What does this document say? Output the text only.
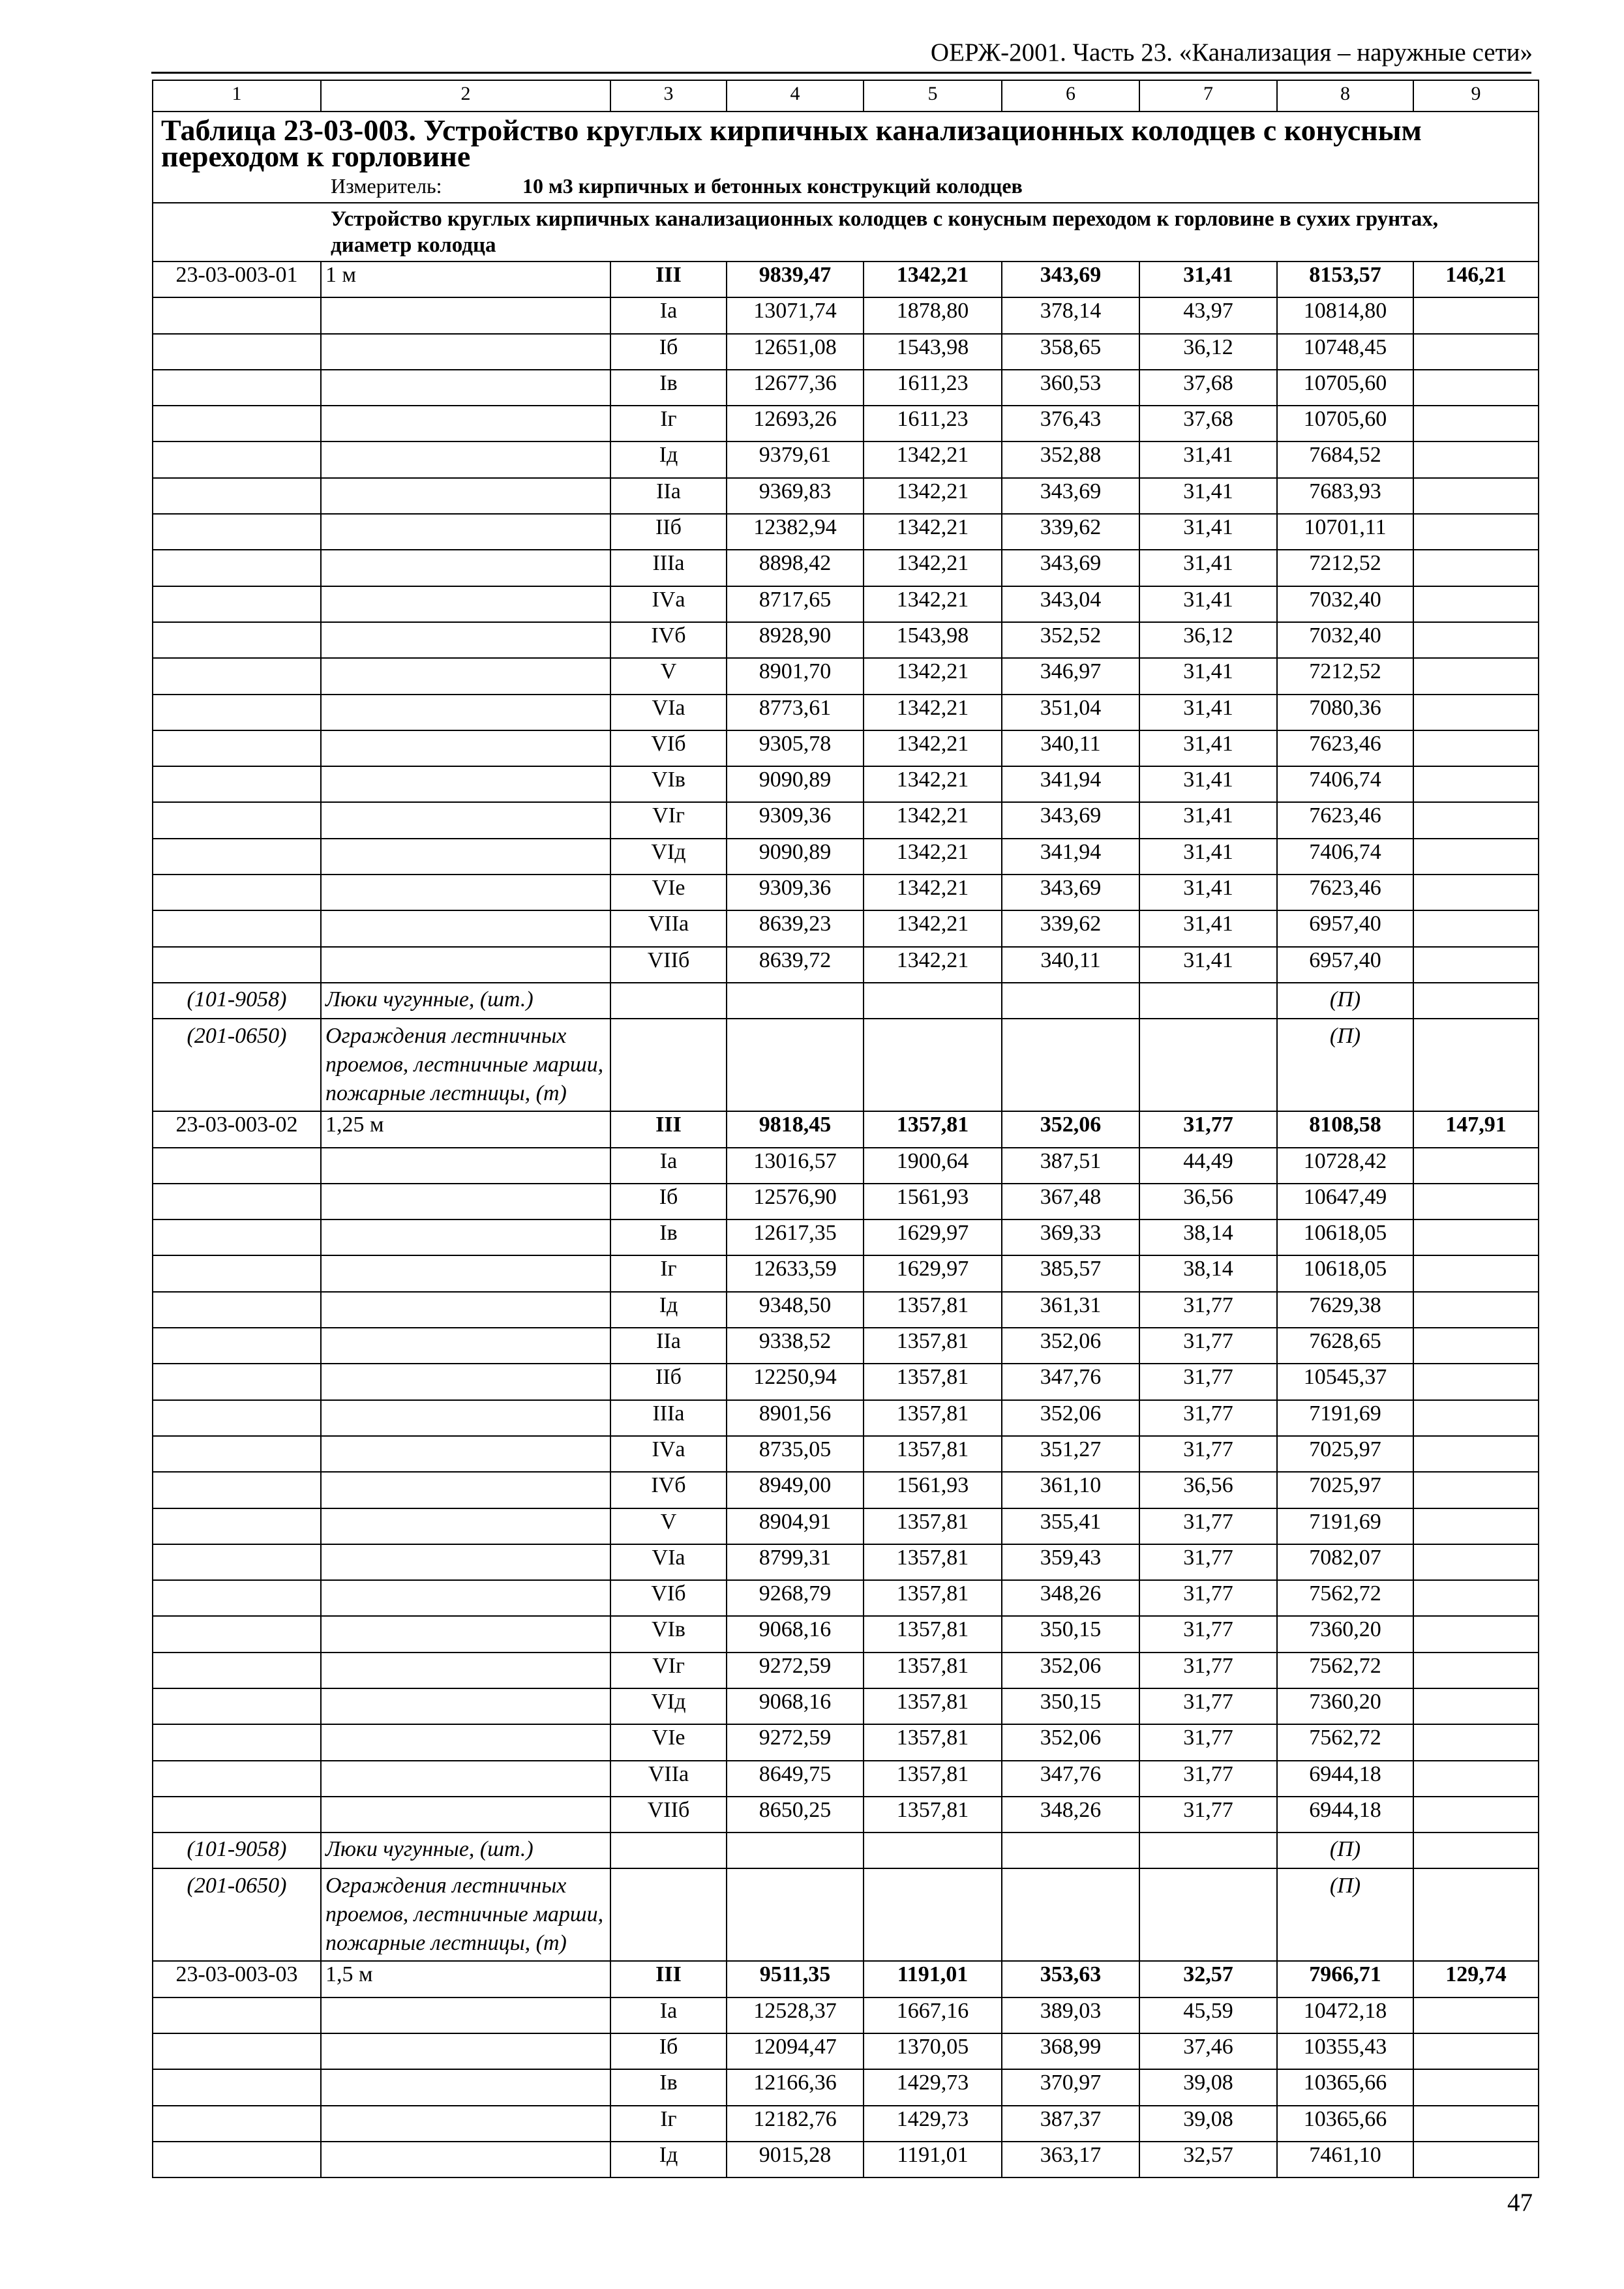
ОЕРЖ-2001. Часть 23. «Канализация – наружные сети»
1	2	3	4	5	6	7	8	9
Таблица 23-03-003. Устройство круглых кирпичных канализационных колодцев с конусным переходом к горловине								

Измеритель: 10 м3 кирпичных и бетонных конструкций колодцев								

Устройство круглых кирпичных канализационных колодцев с конусным переходом к горловине в сухих грунтах, диаметр колодца								
23-03-003-01	1 м	III	9839,47	1342,21	343,69	31,41	8153,57	146,21
		Iа	13071,74	1878,80	378,14	43,97	10814,80	
		Iб	12651,08	1543,98	358,65	36,12	10748,45	
		Iв	12677,36	1611,23	360,53	37,68	10705,60	
		Iг	12693,26	1611,23	376,43	37,68	10705,60	
		Iд	9379,61	1342,21	352,88	31,41	7684,52	
		IIа	9369,83	1342,21	343,69	31,41	7683,93	
		IIб	12382,94	1342,21	339,62	31,41	10701,11	
		IIIа	8898,42	1342,21	343,69	31,41	7212,52	
		IVа	8717,65	1342,21	343,04	31,41	7032,40	
		IVб	8928,90	1543,98	352,52	36,12	7032,40	
		V	8901,70	1342,21	346,97	31,41	7212,52	
		VIа	8773,61	1342,21	351,04	31,41	7080,36	
		VIб	9305,78	1342,21	340,11	31,41	7623,46	
		VIв	9090,89	1342,21	341,94	31,41	7406,74	
		VIг	9309,36	1342,21	343,69	31,41	7623,46	
		VIд	9090,89	1342,21	341,94	31,41	7406,74	
		VIе	9309,36	1342,21	343,69	31,41	7623,46	
		VIIа	8639,23	1342,21	339,62	31,41	6957,40	
		VIIб	8639,72	1342,21	340,11	31,41	6957,40	
(101-9058)	Люки чугунные, (шт.)						(П)	
(201-0650)	Ограждения лестничных проемов, лестничные марши, пожарные лестницы, (т)						(П)	
23-03-003-02	1,25 м	III	9818,45	1357,81	352,06	31,77	8108,58	147,91
		Iа	13016,57	1900,64	387,51	44,49	10728,42	
		Iб	12576,90	1561,93	367,48	36,56	10647,49	
		Iв	12617,35	1629,97	369,33	38,14	10618,05	
		Iг	12633,59	1629,97	385,57	38,14	10618,05	
		Iд	9348,50	1357,81	361,31	31,77	7629,38	
		IIа	9338,52	1357,81	352,06	31,77	7628,65	
		IIб	12250,94	1357,81	347,76	31,77	10545,37	
		IIIа	8901,56	1357,81	352,06	31,77	7191,69	
		IVа	8735,05	1357,81	351,27	31,77	7025,97	
		IVб	8949,00	1561,93	361,10	36,56	7025,97	
		V	8904,91	1357,81	355,41	31,77	7191,69	
		VIа	8799,31	1357,81	359,43	31,77	7082,07	
		VIб	9268,79	1357,81	348,26	31,77	7562,72	
		VIв	9068,16	1357,81	350,15	31,77	7360,20	
		VIг	9272,59	1357,81	352,06	31,77	7562,72	
		VIд	9068,16	1357,81	350,15	31,77	7360,20	
		VIе	9272,59	1357,81	352,06	31,77	7562,72	
		VIIа	8649,75	1357,81	347,76	31,77	6944,18	
		VIIб	8650,25	1357,81	348,26	31,77	6944,18	
(101-9058)	Люки чугунные, (шт.)						(П)	
(201-0650)	Ограждения лестничных проемов, лестничные марши, пожарные лестницы, (т)						(П)	
23-03-003-03	1,5 м	III	9511,35	1191,01	353,63	32,57	7966,71	129,74
		Iа	12528,37	1667,16	389,03	45,59	10472,18	
		Iб	12094,47	1370,05	368,99	37,46	10355,43	
		Iв	12166,36	1429,73	370,97	39,08	10365,66	
		Iг	12182,76	1429,73	387,37	39,08	10365,66	
		Iд	9015,28	1191,01	363,17	32,57	7461,10	
47
